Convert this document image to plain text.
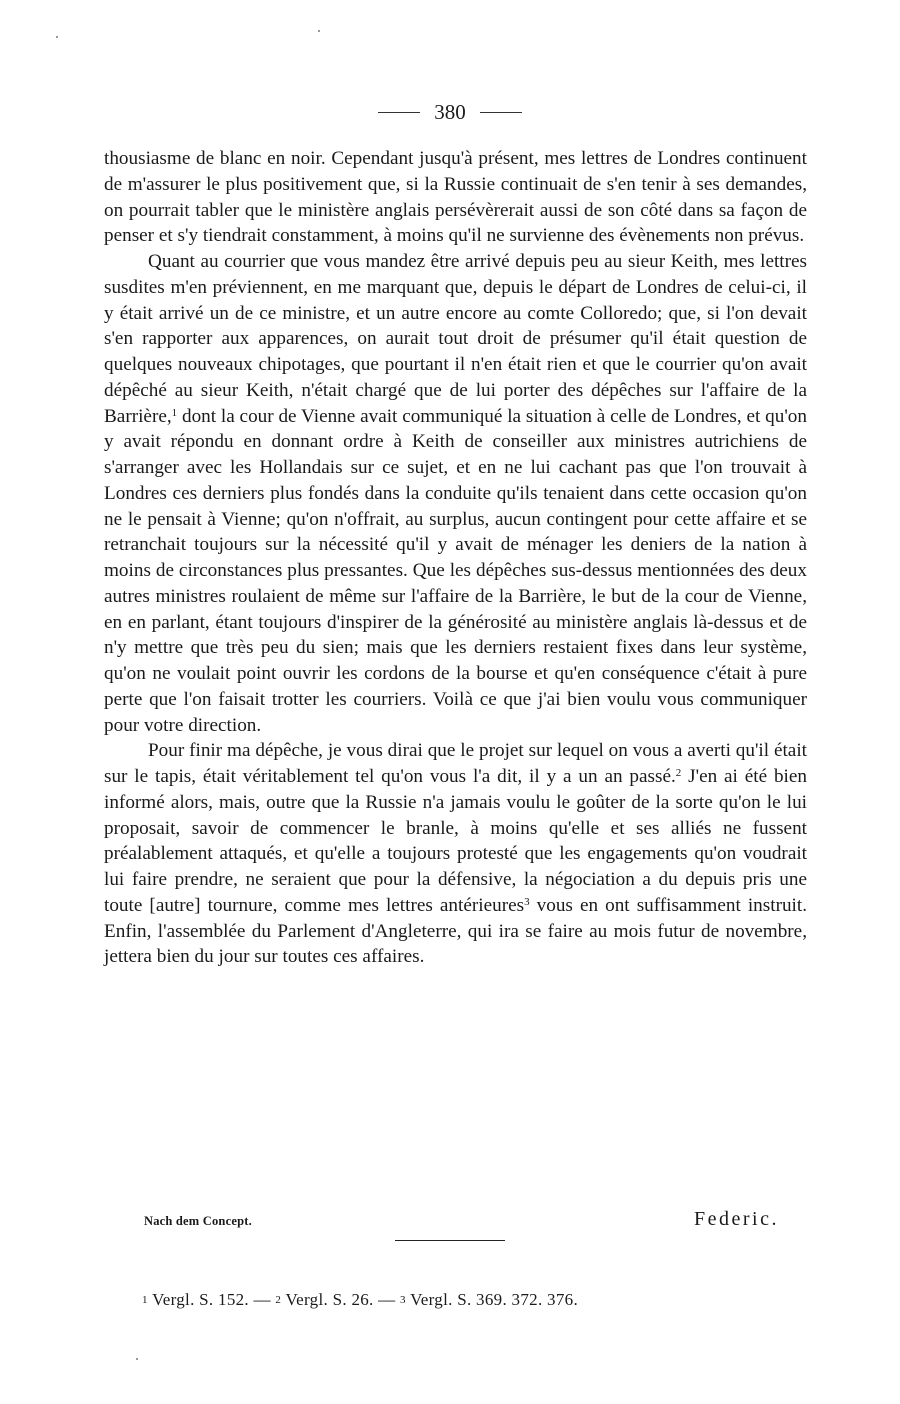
380

thousiasme de blanc en noir. Cependant jusqu'à présent, mes lettres de Londres continuent de m'assurer le plus positivement que, si la Russie continuait de s'en tenir à ses demandes, on pourrait tabler que le ministère anglais persévèrerait aussi de son côté dans sa façon de penser et s'y tiendrait constamment, à moins qu'il ne survienne des évènements non prévus.

Quant au courrier que vous mandez être arrivé depuis peu au sieur Keith, mes lettres susdites m'en préviennent, en me marquant que, depuis le départ de Londres de celui-ci, il y était arrivé un de ce ministre, et un autre encore au comte Colloredo; que, si l'on devait s'en rapporter aux apparences, on aurait tout droit de présumer qu'il était question de quelques nouveaux chipotages, que pourtant il n'en était rien et que le courrier qu'on avait dépêché au sieur Keith, n'était chargé que de lui porter des dépêches sur l'affaire de la Barrière,$^1$ dont la cour de Vienne avait communiqué la situation à celle de Londres, et qu'on y avait répondu en donnant ordre à Keith de conseiller aux ministres autrichiens de s'arranger avec les Hollandais sur ce sujet, et en ne lui cachant pas que l'on trouvait à Londres ces derniers plus fondés dans la conduite qu'ils tenaient dans cette occasion qu'on ne le pensait à Vienne; qu'on n'offrait, au surplus, aucun contingent pour cette affaire et se retranchait toujours sur la nécessité qu'il y avait de ménager les deniers de la nation à moins de circonstances plus pressantes. Que les dépêches sus-dessus mentionnées des deux autres ministres roulaient de même sur l'affaire de la Barrière, le but de la cour de Vienne, en en parlant, étant toujours d'inspirer de la générosité au ministère anglais là-dessus et de n'y mettre que très peu du sien; mais que les derniers restaient fixes dans leur système, qu'on ne voulait point ouvrir les cordons de la bourse et qu'en conséquence c'était à pure perte que l'on faisait trotter les courriers. Voilà ce que j'ai bien voulu vous communiquer pour votre direction.

Pour finir ma dépêche, je vous dirai que le projet sur lequel on vous a averti qu'il était sur le tapis, était véritablement tel qu'on vous l'a dit, il y a un an passé.$^2$ J'en ai été bien informé alors, mais, outre que la Russie n'a jamais voulu le goûter de la sorte qu'on le lui proposait, savoir de commencer le branle, à moins qu'elle et ses alliés ne fussent préalablement attaqués, et qu'elle a toujours protesté que les engagements qu'on voudrait lui faire prendre, ne seraient que pour la défensive, la négociation a du depuis pris une toute [autre] tournure, comme mes lettres antérieures$^3$ vous en ont suffisamment instruit. Enfin, l'assemblée du Parlement d'Angleterre, qui ira se faire au mois futur de novembre, jettera bien du jour sur toutes ces affaires.

Nach dem Concept.	Federic.
1 Vergl. S. 152. — 2 Vergl. S. 26. — 3 Vergl. S. 369. 372. 376.
